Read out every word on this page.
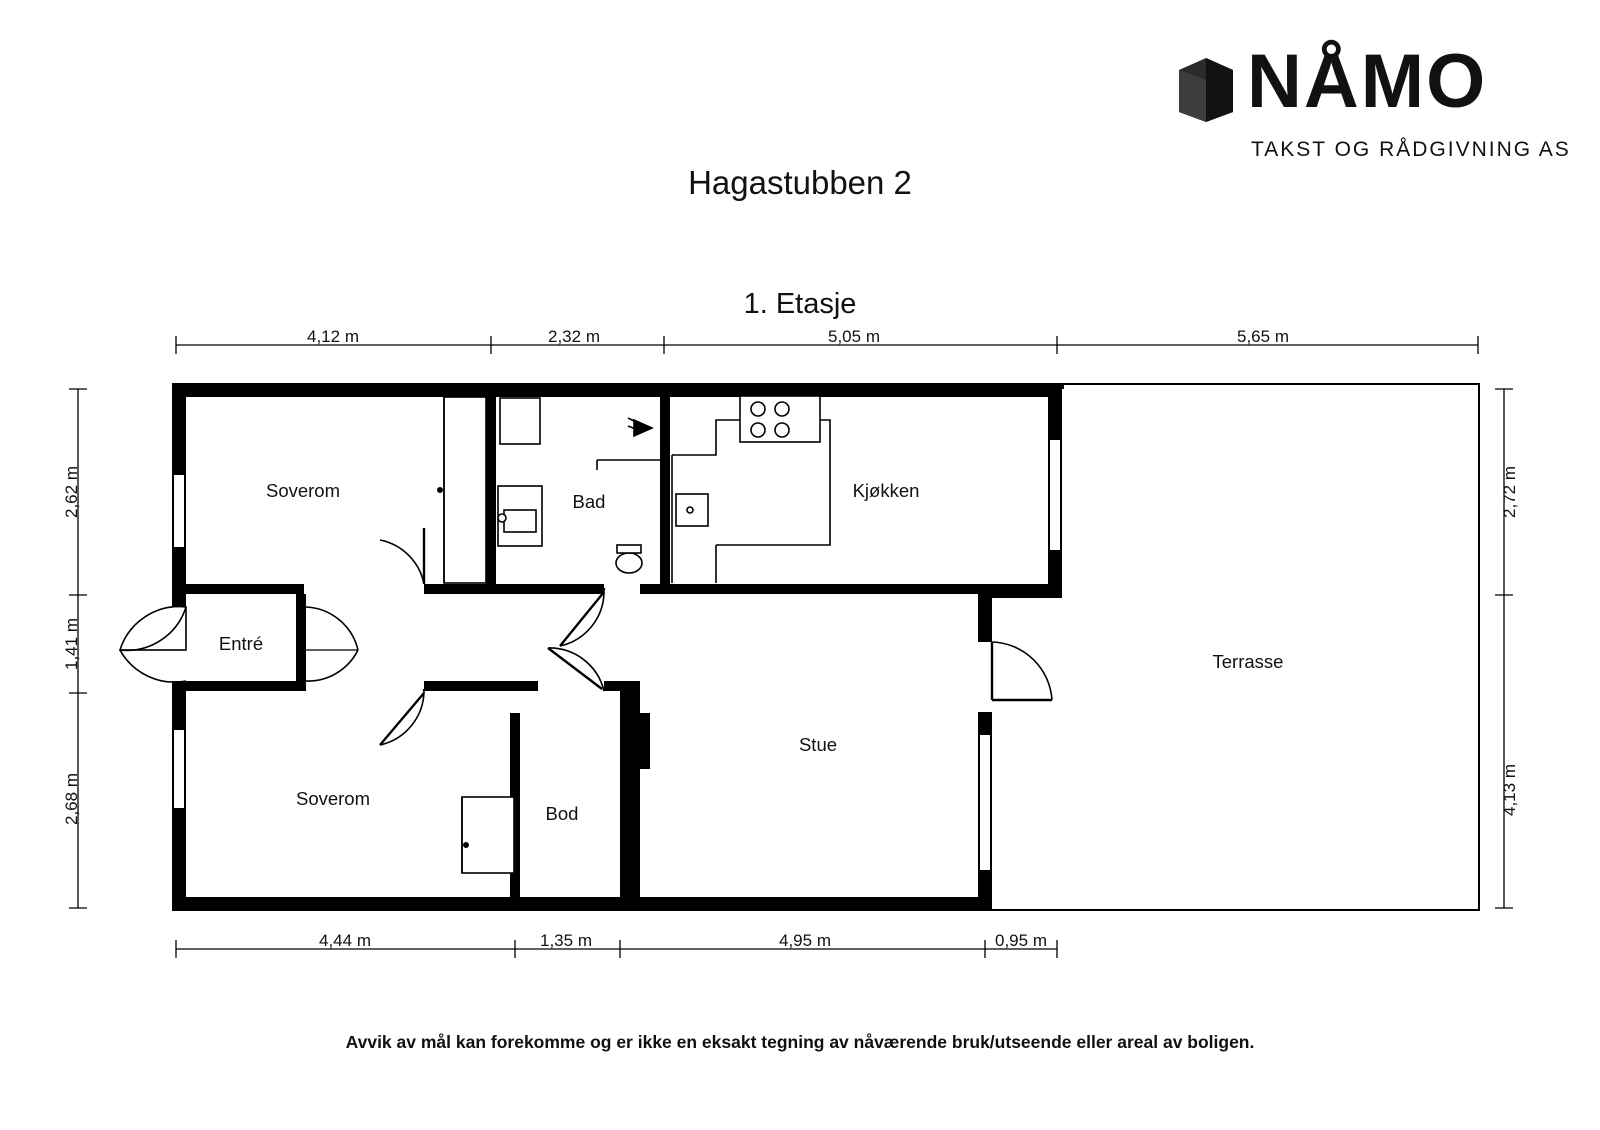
NÅMO
TAKST OG RÅDGIVNING AS
Hagastubben 2
1. Etasje
Avvik av mål kan forekomme og er ikke en eksakt tegning av nåværende bruk/utseende eller areal av boligen.
Soverom
Bad
Kjøkken
Terrasse
Entré
Stue
Soverom
Bod
4,12 m	2,32 m	5,05 m	5,65 m
4,44 m	1,35 m	4,95 m	0,95 m
2,62 m
1,41 m
2,68 m
2,72 m
4,13 m
